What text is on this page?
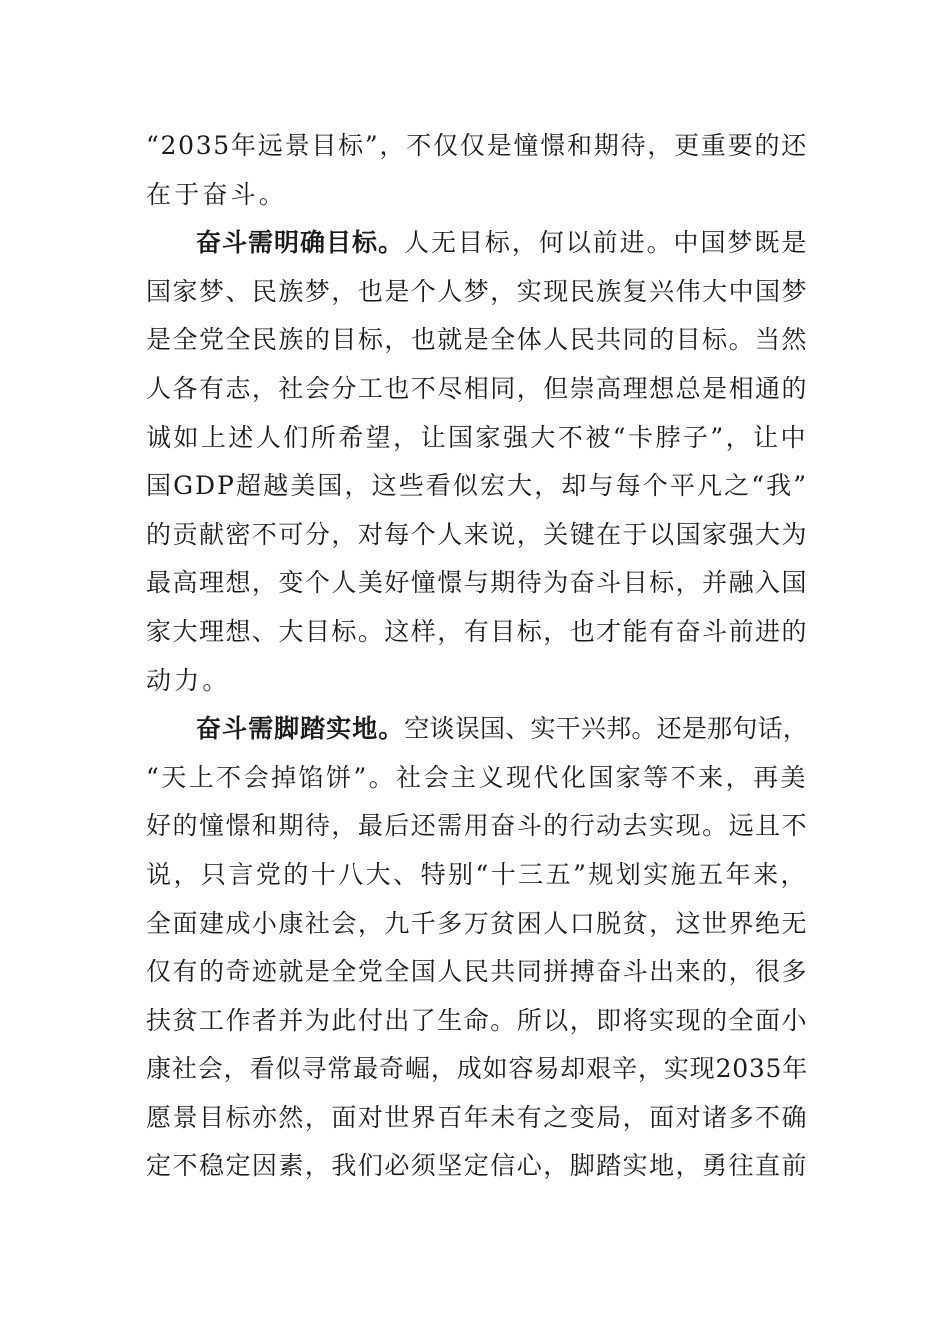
“2035年远景目标”，不仅仅是憧憬和期待，更重要的还
在于奋斗。
奋斗需明确目标。人无目标，何以前进。中国梦既是
国家梦、民族梦，也是个人梦，实现民族复兴伟大中国梦
是全党全民族的目标，也就是全体人民共同的目标。当然
人各有志，社会分工也不尽相同，但崇高理想总是相通的
诚如上述人们所希望，让国家强大不被“卡脖子”，让中
国GDP超越美国，这些看似宏大，却与每个平凡之“我”
的贡献密不可分，对每个人来说，关键在于以国家强大为
最高理想，变个人美好憧憬与期待为奋斗目标，并融入国
家大理想、大目标。这样，有目标，也才能有奋斗前进的
动力。
奋斗需脚踏实地。空谈误国、实干兴邦。还是那句话，
“天上不会掉馅饼”。社会主义现代化国家等不来，再美
好的憧憬和期待，最后还需用奋斗的行动去实现。远且不
说，只言党的十八大、特别“十三五”规划实施五年来，
全面建成小康社会，九千多万贫困人口脱贫，这世界绝无
仅有的奇迹就是全党全国人民共同拼搏奋斗出来的，很多
扶贫工作者并为此付出了生命。所以，即将实现的全面小
康社会，看似寻常最奇崛，成如容易却艰辛，实现2035年
愿景目标亦然，面对世界百年未有之变局，面对诸多不确
定不稳定因素，我们必须坚定信心，脚踏实地，勇往直前
